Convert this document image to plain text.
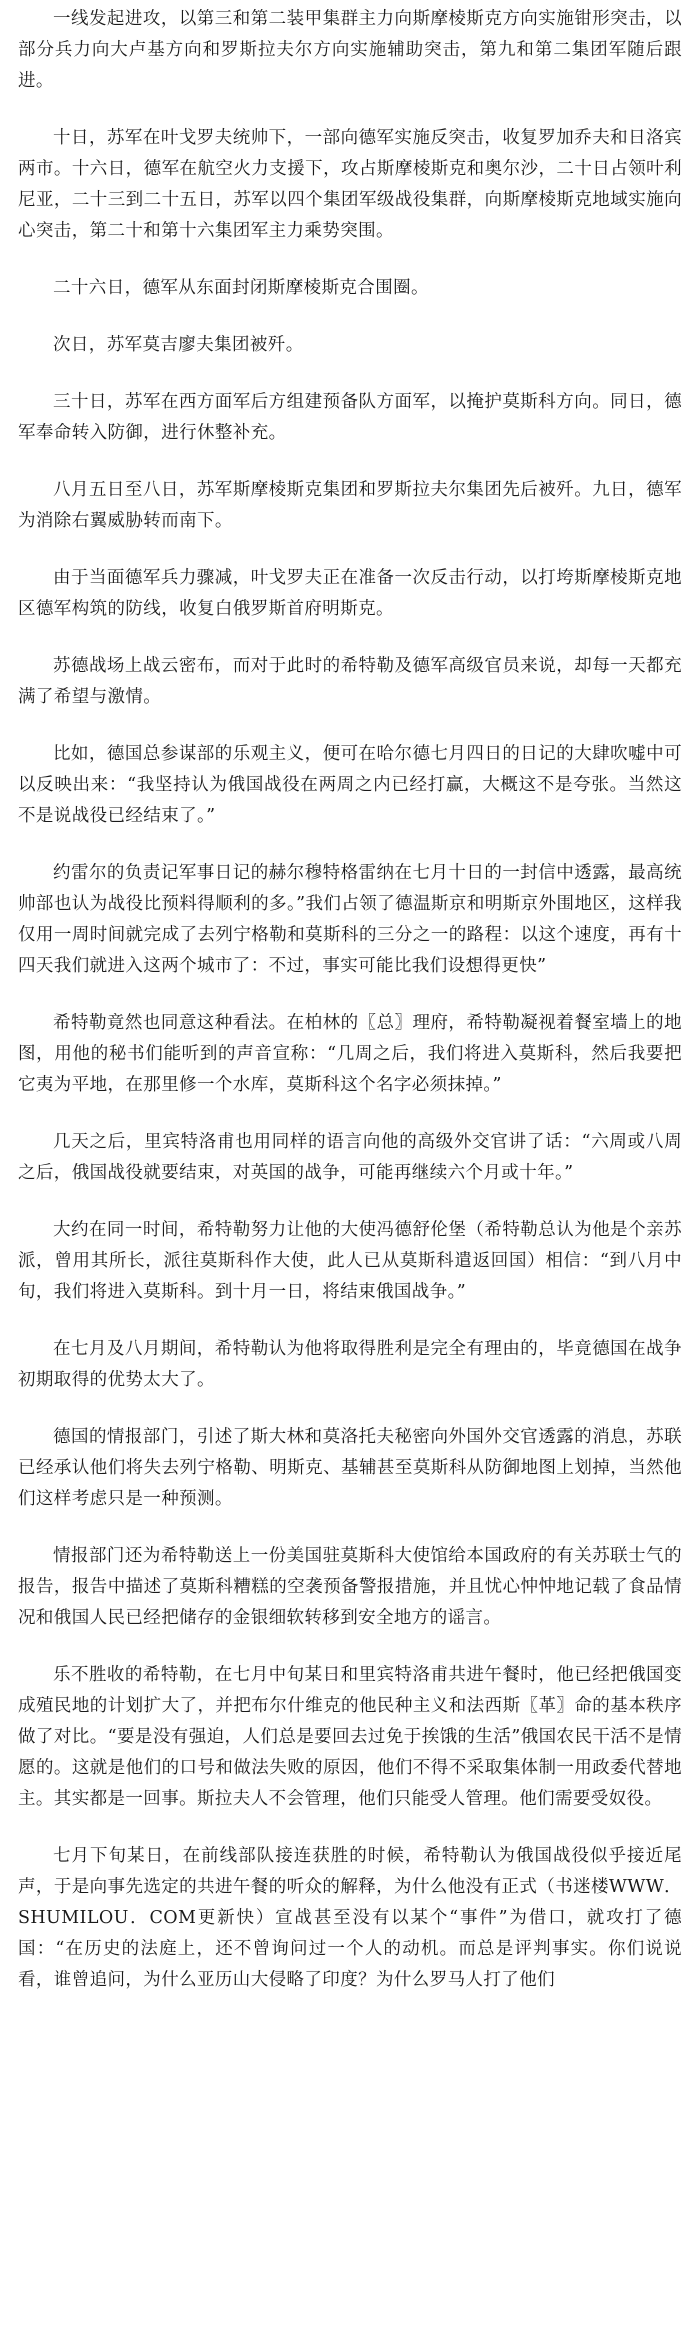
一线发起进攻，以第三和第二装甲集群主力向斯摩棱斯克方向实施钳形突击，以部分兵力向大卢基方向和罗斯拉夫尔方向实施辅助突击，第九和第二集团军随后跟进。

十日，苏军在叶戈罗夫统帅下，一部向德军实施反突击，收复罗加乔夫和日洛宾两市。十六日，德军在航空火力支援下，攻占斯摩棱斯克和奥尔沙，二十日占领叶利尼亚，二十三到二十五日，苏军以四个集团军级战役集群，向斯摩棱斯克地域实施向心突击，第二十和第十六集团军主力乘势突围。

二十六日，德军从东面封闭斯摩棱斯克合围圈。

次日，苏军莫吉廖夫集团被歼。

三十日，苏军在西方面军后方组建预备队方面军，以掩护莫斯科方向。同日，德军奉命转入防御，进行休整补充。

八月五日至八日，苏军斯摩棱斯克集团和罗斯拉夫尔集团先后被歼。九日，德军为消除右翼威胁转而南下。

由于当面德军兵力骤减，叶戈罗夫正在准备一次反击行动，以打垮斯摩棱斯克地区德军构筑的防线，收复白俄罗斯首府明斯克。

苏德战场上战云密布，而对于此时的希特勒及德军高级官员来说，却每一天都充满了希望与激情。

比如，德国总参谋部的乐观主义，便可在哈尔德七月四日的日记的大肆吹嘘中可以反映出来：“我坚持认为俄国战役在两周之内已经打赢，大概这不是夸张。当然这不是说战役已经结束了。”

约雷尔的负责记军事日记的赫尔穆特格雷纳在七月十日的一封信中透露，最高统帅部也认为战役比预料得顺利的多。”我们占领了德温斯京和明斯京外围地区，这样我仅用一周时间就完成了去列宁格勒和莫斯科的三分之一的路程：以这个速度，再有十四天我们就进入这两个城市了：不过，事实可能比我们设想得更快”

希特勒竟然也同意这种看法。在柏林的〖总〗理府，希特勒凝视着餐室墙上的地图，用他的秘书们能听到的声音宣称：“几周之后，我们将进入莫斯科，然后我要把它夷为平地，在那里修一个水库，莫斯科这个名字必须抹掉。”

几天之后，里宾特洛甫也用同样的语言向他的高级外交官讲了话：“六周或八周之后，俄国战役就要结束，对英国的战争，可能再继续六个月或十年。”

大约在同一时间，希特勒努力让他的大使冯德舒伦堡（希特勒总认为他是个亲苏派，曾用其所长，派往莫斯科作大使，此人已从莫斯科遣返回国）相信：“到八月中旬，我们将进入莫斯科。到十月一日，将结束俄国战争。”

在七月及八月期间，希特勒认为他将取得胜利是完全有理由的，毕竟德国在战争初期取得的优势太大了。

德国的情报部门，引述了斯大林和莫洛托夫秘密向外国外交官透露的消息，苏联已经承认他们将失去列宁格勒、明斯克、基辅甚至莫斯科从防御地图上划掉，当然他们这样考虑只是一种预测。

情报部门还为希特勒送上一份美国驻莫斯科大使馆给本国政府的有关苏联士气的报告，报告中描述了莫斯科糟糕的空袭预备警报措施，并且忧心忡忡地记载了食品情况和俄国人民已经把储存的金银细软转移到安全地方的谣言。

乐不胜收的希特勒，在七月中旬某日和里宾特洛甫共进午餐时，他已经把俄国变成殖民地的计划扩大了，并把布尔什维克的他民种主义和法西斯〖革〗命的基本秩序做了对比。“要是没有强迫，人们总是要回去过免于挨饿的生活”俄国农民干活不是情愿的。这就是他们的口号和做法失败的原因，他们不得不采取集体制一用政委代替地主。其实都是一回事。斯拉夫人不会管理，他们只能受人管理。他们需要受奴役。

七月下旬某日，在前线部队接连获胜的时候，希特勒认为俄国战役似乎接近尾声，于是向事先选定的共进午餐的听众的解释，为什么他没有正式（书迷楼WWW．SHUMILOU．COM更新快）宣战甚至没有以某个“事件”为借口，就攻打了德国：“在历史的法庭上，还不曾询问过一个人的动机。而总是评判事实。你们说说看，谁曾追问，为什么亚历山大侵略了印度？为什么罗马人打了他们
